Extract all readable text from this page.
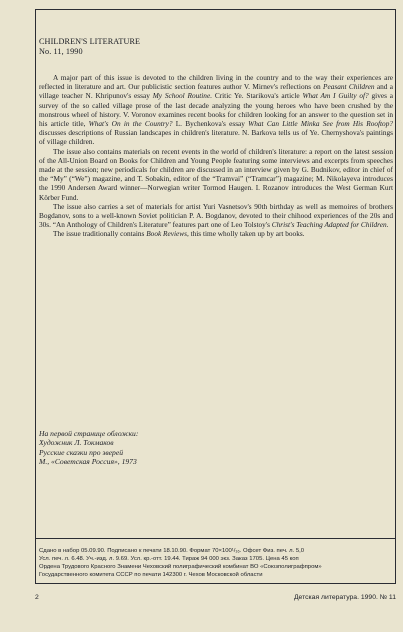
CHILDREN'S LITERATURE
No. 11, 1990

A major part of this issue is devoted to the children living in the country and to the way their experiences are reflected in literature and art. Our publicistic section features author V. Mirnev's reflections on Peasant Children and a village teacher N. Khripunov's essay My School Routine. Critic Ye. Starikova's article What Am I Guilty of? gives a survey of the so called village prose of the last decade analyzing the young heroes who have been crushed by the monstrous wheel of history. V. Voronov examines recent books for children looking for an answer to the question set in his article title, What's On in the Country? L. Bychenkova's essay What Can Little Minka See from His Rooftop? discusses descriptions of Russian landscapes in children's literature. N. Barkova tells us of Ye. Chernyshova's paintings of village children.

The issue also contains materials on recent events in the world of children's literature: a report on the latest session of the All-Union Board on Books for Children and Young People featuring some interviews and excerpts from speeches made at the session; new periodicals for children are discussed in an interview given by G. Budnikov, editor in chief of the “My” (“We”) magazine, and T. Sobakin, editor of the “Tramvai” (“Tramcar”) magazine; M. Nikolayeva introduces the 1990 Andersen Award winner—Norwegian writer Tormod Haugen. I. Rozanov introduces the West German Kurt Körber Fund.

The issue also carries a set of materials for artist Yuri Vasnetsov's 90th birthday as well as memoires of brothers Bogdanov, sons to a well-known Soviet politician P. A. Bogdanov, devoted to their chihood experiences of the 20s and 30s. “An Anthology of Children's Literature” features part one of Leo Tolstoy's Christ's Teaching Adapted for Children.

The issue traditionally contains Book Reviews, this time wholly taken up by art books.

На первой странице обложки:
Художник Л. Токмаков
Русские сказки про зверей
М., «Советская Россия», 1973
Сдано в набор 05.09.90. Подписано к печати 18.10.90. Формат 70×100¹/₁₆. Офсет Физ. печ. л. 5,0
Усл. печ. л. 6.48. Уч.-изд. л. 9.69. Усл. кр.-отт. 19.44. Тираж 94 000 экз. Заказ 1705. Цена 45 коп
Ордена Трудового Красного Знамени Чеховский полиграфический комбинат ВО «Союзполиграфпром»
Государственного комитета СССР по печати 142300 г. Чехов Московской области
2	Детская литература. 1990. № 11
